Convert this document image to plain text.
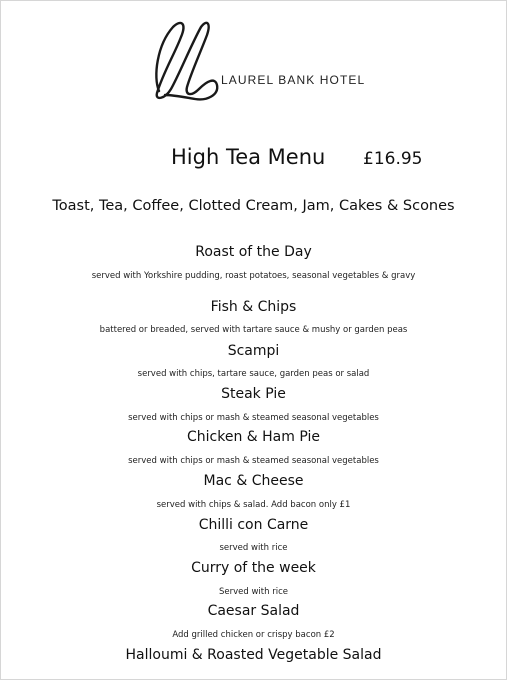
LAUREL BANK HOTEL
High Tea Menu £16.95
Toast, Tea, Coffee, Clotted Cream, Jam, Cakes & Scones
Roast of the Day
served with Yorkshire pudding, roast potatoes, seasonal vegetables & gravy
Fish & Chips
battered or breaded, served with tartare sauce & mushy or garden peas
Scampi
served with chips, tartare sauce, garden peas or salad
Steak Pie
served with chips or mash & steamed seasonal vegetables
Chicken & Ham Pie
served with chips or mash & steamed seasonal vegetables
Mac & Cheese
served with chips & salad. Add bacon only £1
Chilli con Carne
served with rice
Curry of the week
Served with rice
Caesar Salad
Add grilled chicken or crispy bacon £2
Halloumi & Roasted Vegetable Salad
